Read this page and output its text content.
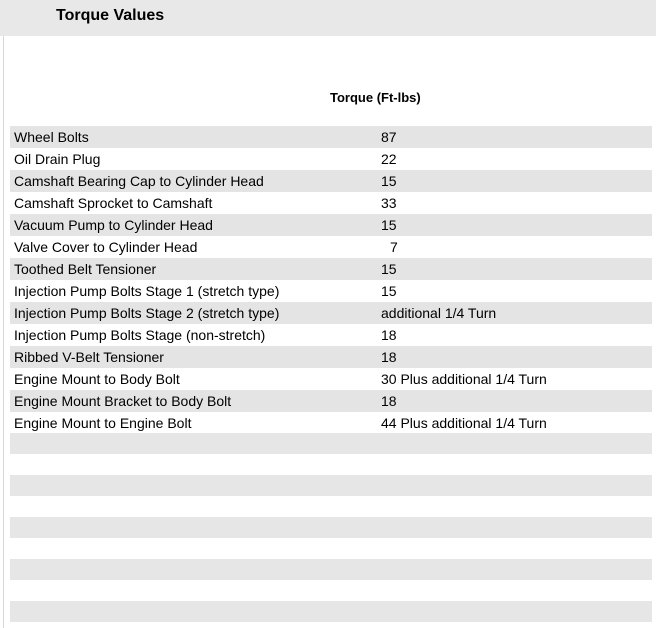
Torque Values
Torque (Ft-lbs)
Wheel Bolts	87
Oil Drain Plug	22
Camshaft Bearing Cap to Cylinder Head	15
Camshaft Sprocket to Camshaft	33
Vacuum Pump to Cylinder Head	15
Valve Cover to Cylinder Head	7
Toothed Belt Tensioner	15
Injection Pump Bolts Stage 1 (stretch type)	15
Injection Pump Bolts Stage 2 (stretch type)	additional 1/4 Turn
Injection Pump Bolts Stage (non-stretch)	18
Ribbed V-Belt Tensioner	18
Engine Mount to Body Bolt	30 Plus additional 1/4 Turn
Engine Mount Bracket to Body Bolt	18
Engine Mount to Engine Bolt	44 Plus additional 1/4 Turn
